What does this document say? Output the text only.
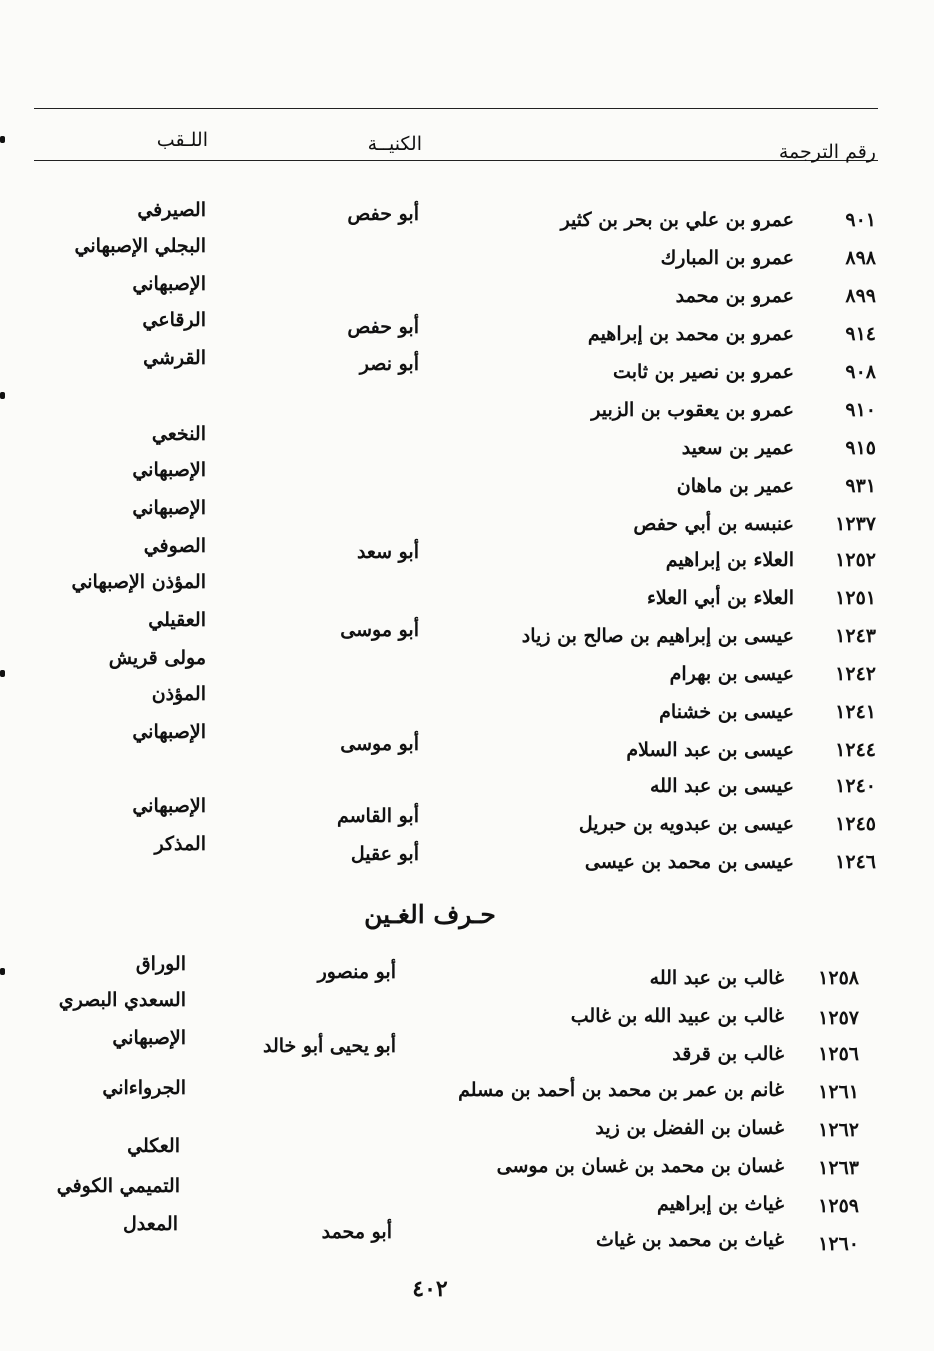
رقم الترجمة
الكنيــة
اللـقب
٩٠١
عمرو بن علي بن بحر بن كثير
أبو حفص
الصيرفي
٨٩٨
عمرو بن المبارك
البجلي الإصبهاني
٨٩٩
عمرو بن محمد
الإصبهاني
٩١٤
عمرو بن محمد بن إبراهيم
أبو حفص
الرقاعي
٩٠٨
عمرو بن نصير بن ثابت
أبو نصر
القرشي
٩١٠
عمرو بن يعقوب بن الزبير
٩١٥
عمير بن سعيد
النخعي
٩٣١
عمير بن ماهان
الإصبهاني
١٢٣٧
عنبسه بن أبي حفص
الإصبهاني
١٢٥٢
العلاء بن إبراهيم
أبو سعد
الصوفي
١٢٥١
العلاء بن أبي العلاء
المؤذن الإصبهاني
١٢٤٣
عيسى بن إبراهيم بن صالح بن زياد
أبو موسى
العقيلي
١٢٤٢
عيسى بن بهرام
مولى قريش
١٢٤١
عيسى بن خشنام
المؤذن
١٢٤٤
عيسى بن عبد السلام
أبو موسى
الإصبهاني
١٢٤٠
عيسى بن عبد الله
١٢٤٥
عيسى بن عبدويه بن حبريل
أبو القاسم
الإصبهاني
١٢٤٦
عيسى بن محمد بن عيسى
أبو عقيل
المذكر
حـرف الغـين
١٢٥٨
غالب بن عبد الله
أبو منصور
الوراق
١٢٥٧
غالب بن عبيد الله بن غالب
السعدي البصري
١٢٥٦
غالب بن قرقد
أبو يحيى أبو خالد
الإصبهاني
١٢٦١
غانم بن عمر بن محمد بن أحمد بن مسلم
الجرواءاني
١٢٦٢
غسان بن الفضل بن زيد
العكلي
١٢٦٣
غسان بن محمد بن غسان بن موسى
التميمي الكوفي
١٢٥٩
غياث بن إبراهيم
المعدل
١٢٦٠
غياث بن محمد بن غياث
أبو محمد
٤٠٢
